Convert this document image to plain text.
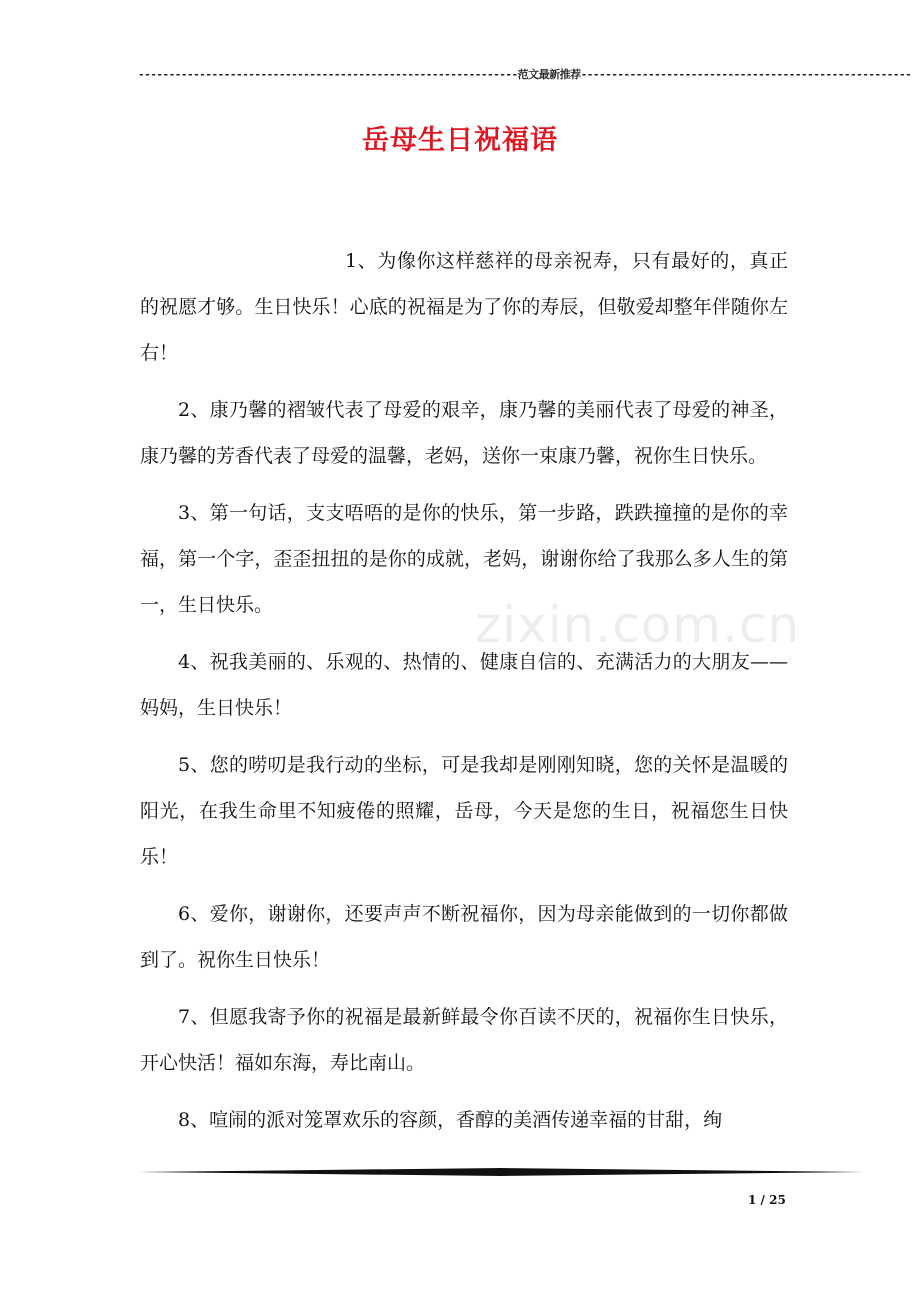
--------------------------------------------------------------范文最新推荐------------------------------------------------------
岳母生日祝福语

1、为像你这样慈祥的母亲祝寿，只有最好的，真正的祝愿才够。生日快乐！心底的祝福是为了你的寿辰，但敬爱却整年伴随你左右！

2、康乃馨的褶皱代表了母爱的艰辛，康乃馨的美丽代表了母爱的神圣，康乃馨的芳香代表了母爱的温馨，老妈，送你一束康乃馨，祝你生日快乐。

3、第一句话，支支唔唔的是你的快乐，第一步路，跌跌撞撞的是你的幸福，第一个字，歪歪扭扭的是你的成就，老妈，谢谢你给了我那么多人生的第一，生日快乐。

4、祝我美丽的、乐观的、热情的、健康自信的、充满活力的大朋友——妈妈，生日快乐！

5、您的唠叨是我行动的坐标，可是我却是刚刚知晓，您的关怀是温暖的阳光，在我生命里不知疲倦的照耀，岳母，今天是您的生日，祝福您生日快乐！

6、爱你，谢谢你，还要声声不断祝福你，因为母亲能做到的一切你都做到了。祝你生日快乐！

7、但愿我寄予你的祝福是最新鲜最令你百读不厌的，祝福你生日快乐，开心快活！福如东海，寿比南山。

8、喧闹的派对笼罩欢乐的容颜，香醇的美酒传递幸福的甘甜，绚

zixin.com.cn
1 / 25
